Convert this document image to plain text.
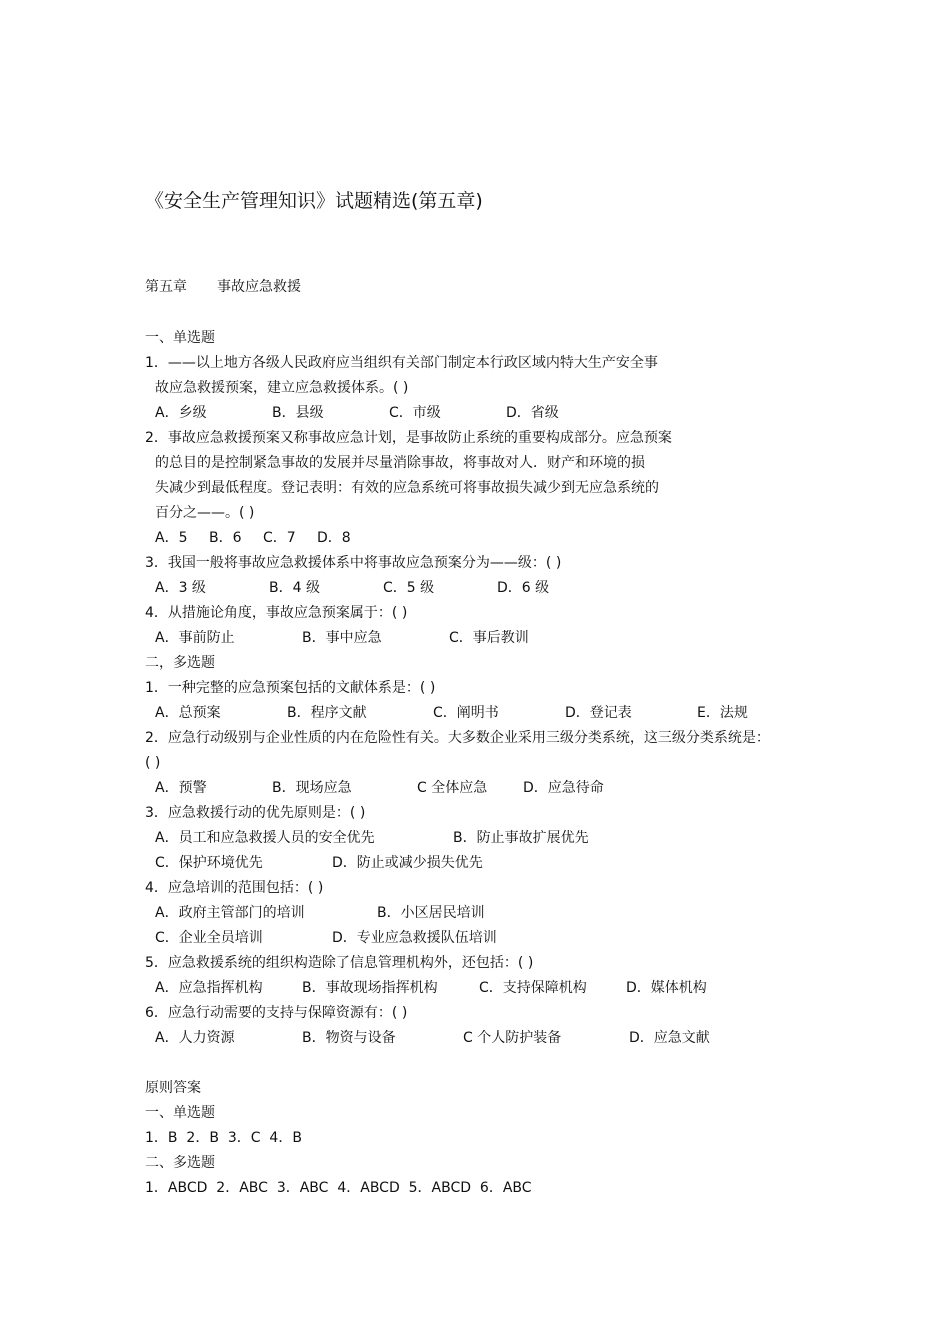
《安全生产管理知识》试题精选(第五章)
第五章 事故应急救援
一、单选题
1．——以上地方各级人民政府应当组织有关部门制定本行政区域内特大生产安全事
故应急救援预案，建立应急救援体系。( )
A．乡级	B．县级	C．市级	D．省级
2．事故应急救援预案又称事故应急计划，是事故防止系统的重要构成部分。应急预案
的总目的是控制紧急事故的发展并尽量消除事故，将事故对人．财产和环境的损
失减少到最低程度。登记表明：有效的应急系统可将事故损失减少到无应急系统的
百分之——。( )
A．5 B．6 C．7 D．8
3．我国一般将事故应急救援体系中将事故应急预案分为——级：( )
A．3 级	B．4 级	C．5 级	D．6 级
4．从措施论角度，事故应急预案属于：( )
A．事前防止	B．事中应急	C．事后教训
二，多选题
1．一种完整的应急预案包括的文献体系是：( )
A．总预案	B．程序文献	C．阐明书	D．登记表	E．法规
2．应急行动级别与企业性质的内在危险性有关。大多数企业采用三级分类系统，这三级分类系统是：
( )
A．预警	B．现场应急	C 全体应急	D．应急待命
3．应急救援行动的优先原则是：( )
A．员工和应急救援人员的安全优先	B．防止事故扩展优先
C．保护环境优先	D．防止或减少损失优先
4．应急培训的范围包括：( )
A．政府主管部门的培训	B．小区居民培训
C．企业全员培训	D．专业应急救援队伍培训
5．应急救援系统的组织构造除了信息管理机构外，还包括：( )
A．应急指挥机构	B．事故现场指挥机构	C．支持保障机构	D．媒体机构
6．应急行动需要的支持与保障资源有：( )
A．人力资源	B．物资与设备	C 个人防护装备	D．应急文献
原则答案
一、单选题
1．B  2．B  3．C  4．B
二、多选题
1．ABCD  2．ABC  3．ABC  4．ABCD  5．ABCD  6．ABC
